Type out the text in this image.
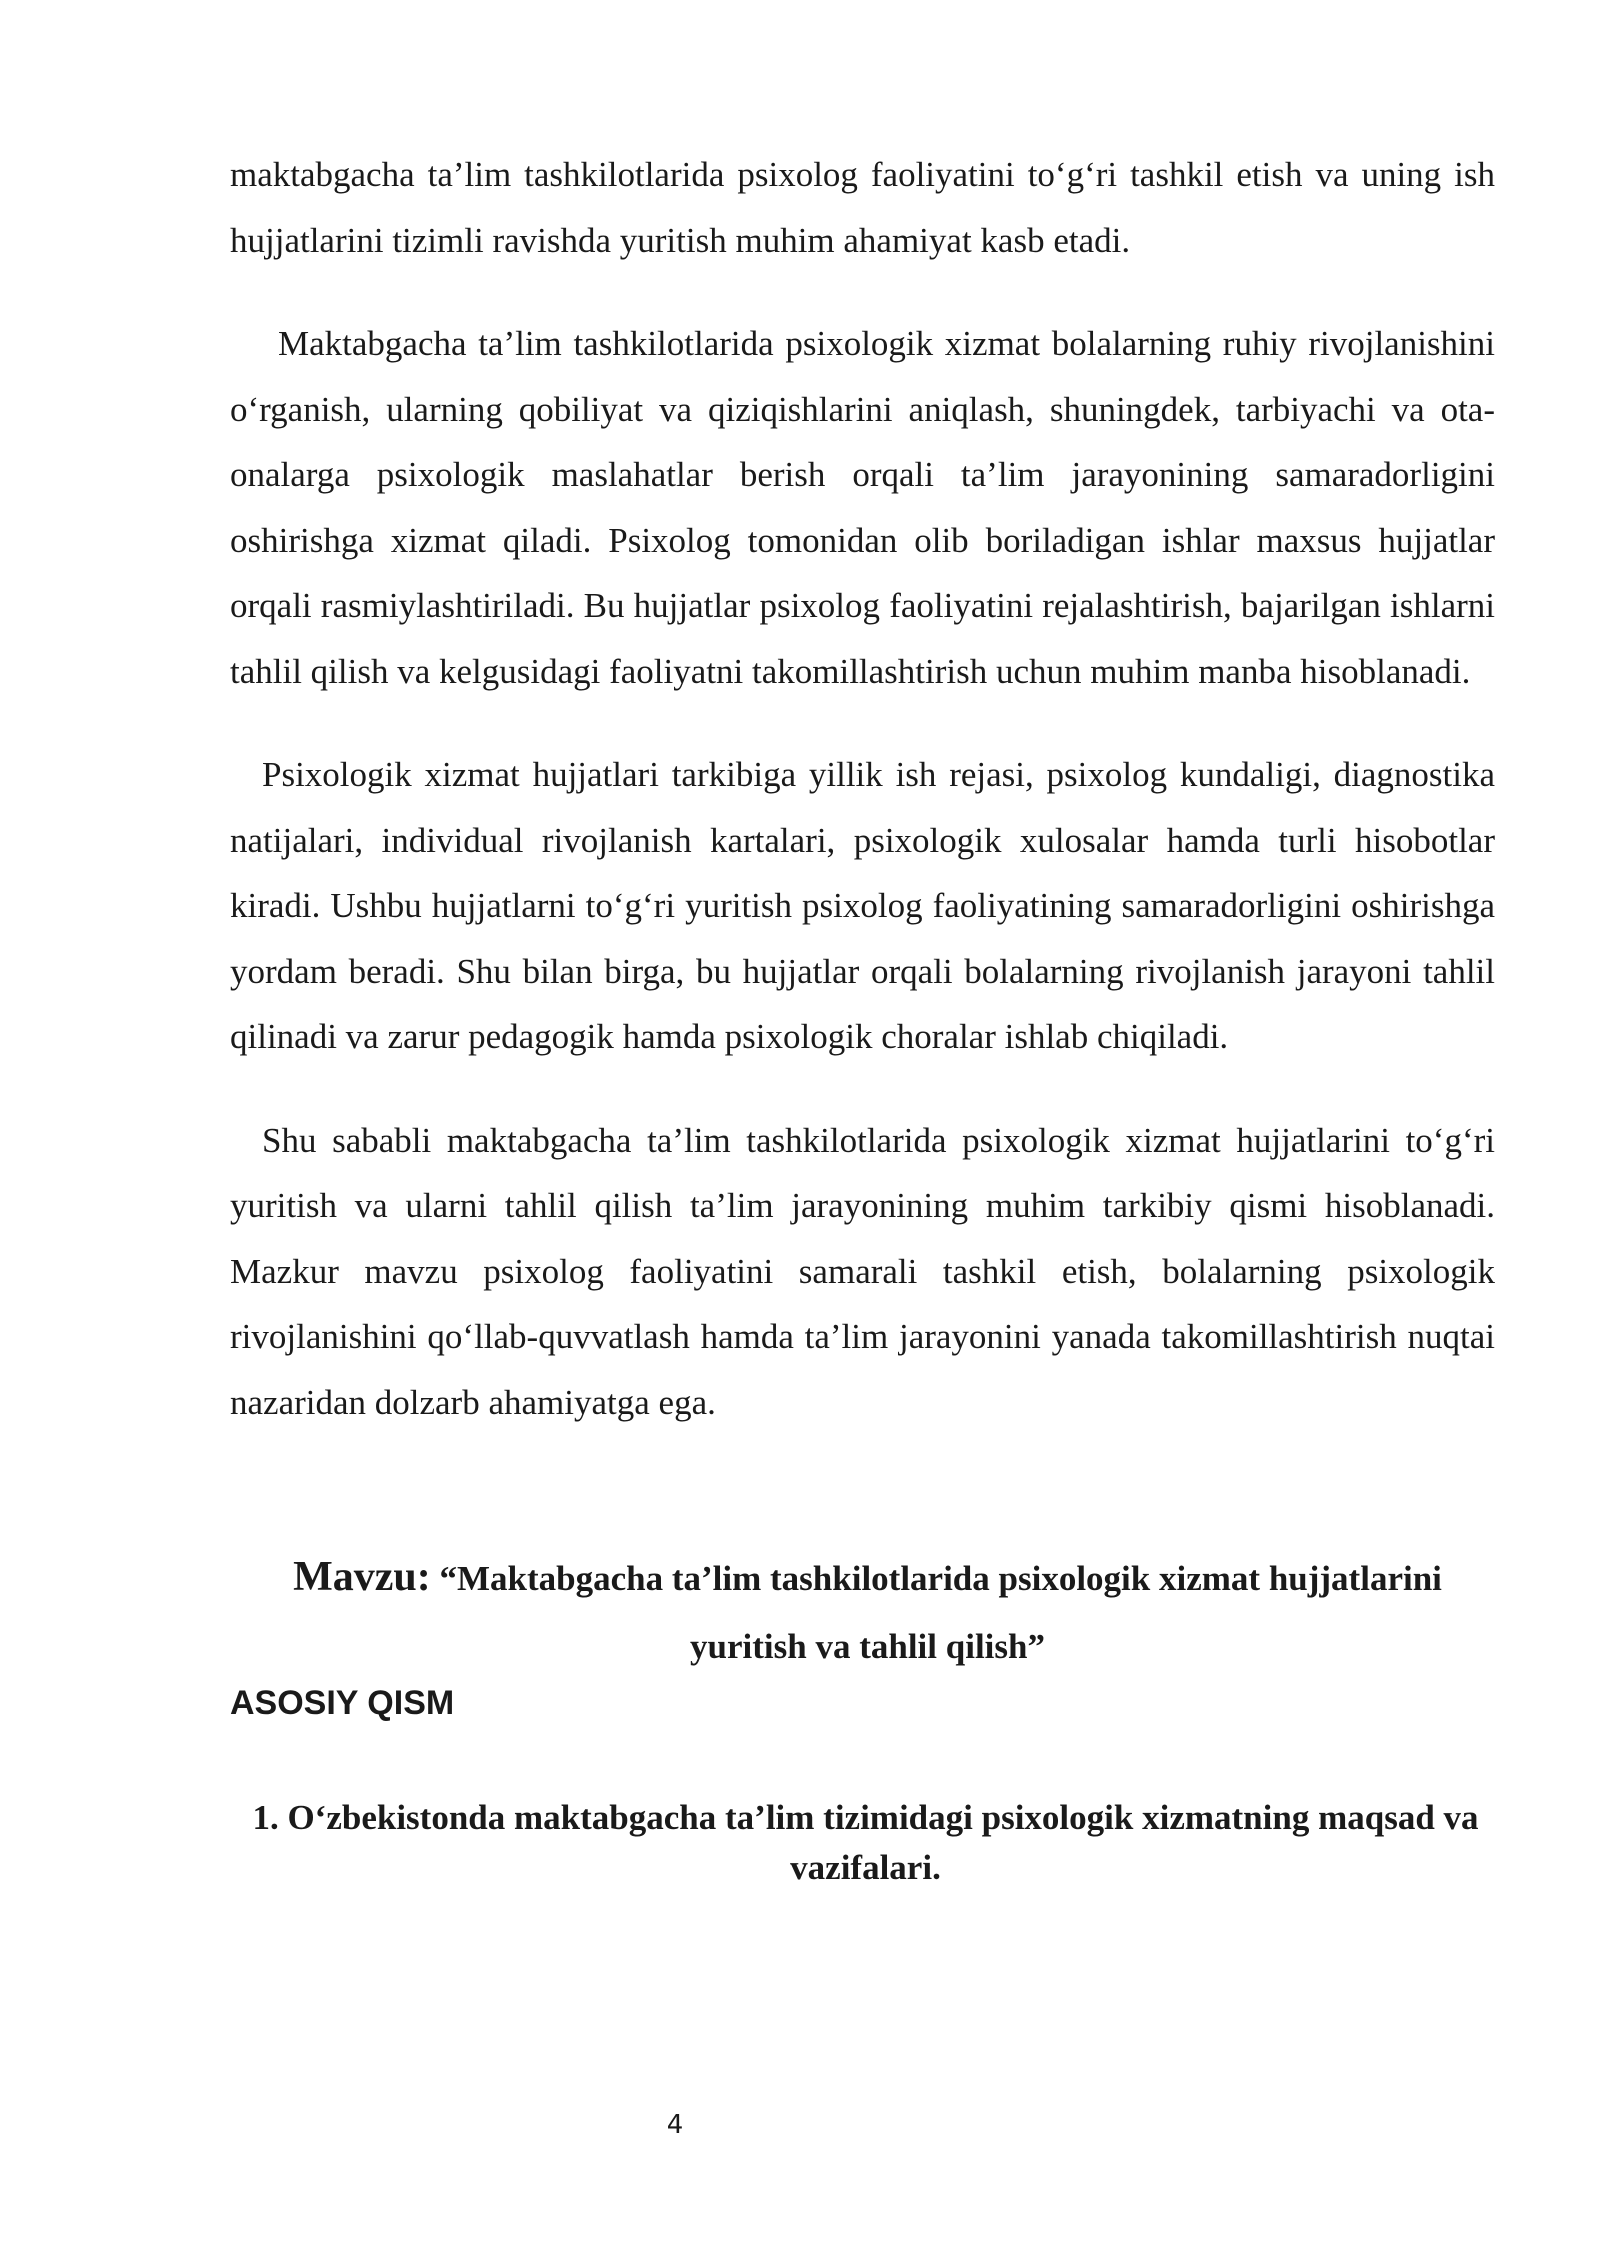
maktabgacha ta’lim tashkilotlarida psixolog faoliyatini to‘g‘ri tashkil etish va uning ish hujjatlarini tizimli ravishda yuritish muhim ahamiyat kasb etadi.

Maktabgacha ta’lim tashkilotlarida psixologik xizmat bolalarning ruhiy rivojlanishini o‘rganish, ularning qobiliyat va qiziqishlarini aniqlash, shuningdek, tarbiyachi va ota-onalarga psixologik maslahatlar berish orqali ta’lim jarayonining samaradorligini oshirishga xizmat qiladi. Psixolog tomonidan olib boriladigan ishlar maxsus hujjatlar orqali rasmiylashtiriladi. Bu hujjatlar psixolog faoliyatini rejalashtirish, bajarilgan ishlarni tahlil qilish va kelgusidagi faoliyatni takomillashtirish uchun muhim manba hisoblanadi.

Psixologik xizmat hujjatlari tarkibiga yillik ish rejasi, psixolog kundaligi, diagnostika natijalari, individual rivojlanish kartalari, psixologik xulosalar hamda turli hisobotlar kiradi. Ushbu hujjatlarni to‘g‘ri yuritish psixolog faoliyatining samaradorligini oshirishga yordam beradi. Shu bilan birga, bu hujjatlar orqali bolalarning rivojlanish jarayoni tahlil qilinadi va zarur pedagogik hamda psixologik choralar ishlab chiqiladi.

Shu sababli maktabgacha ta’lim tashkilotlarida psixologik xizmat hujjatlarini to‘g‘ri yuritish va ularni tahlil qilish ta’lim jarayonining muhim tarkibiy qismi hisoblanadi. Mazkur mavzu psixolog faoliyatini samarali tashkil etish, bolalarning psixologik rivojlanishini qo‘llab-quvvatlash hamda ta’lim jarayonini yanada takomillashtirish nuqtai nazaridan dolzarb ahamiyatga ega.

Mavzu: “Maktabgacha ta’lim tashkilotlarida psixologik xizmat hujjatlarini yuritish va tahlil qilish”

ASOSIY QISM

1. O‘zbekistonda maktabgacha ta’lim tizimidagi psixologik xizmatning maqsad va vazifalari.

4
